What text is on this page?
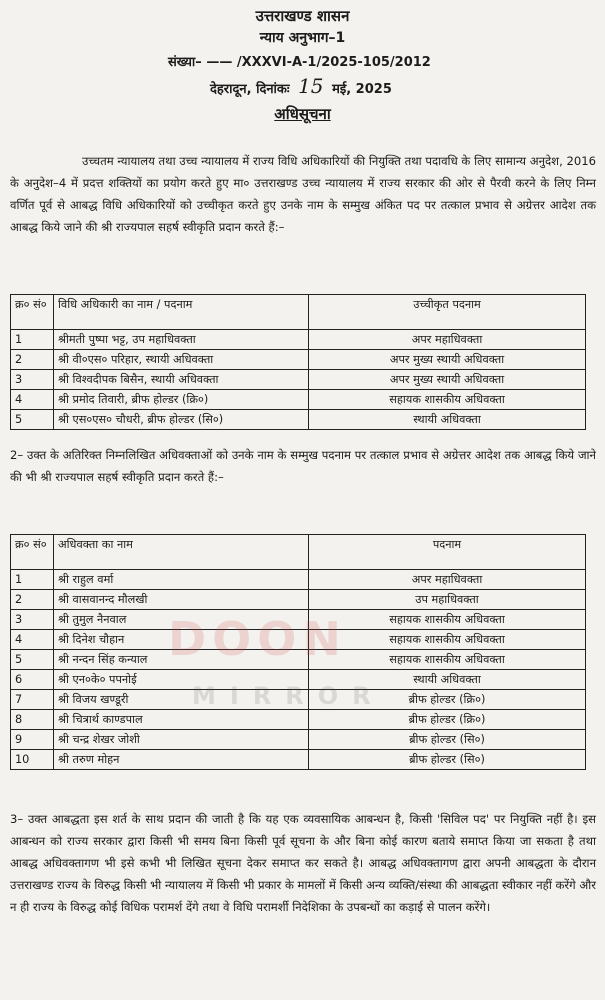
उत्तराखण्ड शासन
न्याय अनुभाग–1
संख्या– —— /XXXVI-A-1/2025-105/2012
देहरादून, दिनांकः 15 मई, 2025
अधिसूचना
उच्चतम न्यायालय तथा उच्च न्यायालय में राज्य विधि अधिकारियों की नियुक्ति तथा पदावधि के लिए सामान्य अनुदेश, 2016 के अनुदेश–4 में प्रदत्त शक्तियों का प्रयोग करते हुए मा० उत्तराखण्ड उच्च न्यायालय में राज्य सरकार की ओर से पैरवी करने के लिए निम्न वर्णित पूर्व से आबद्ध विधि अधिकारियों को उच्चीकृत करते हुए उनके नाम के सम्मुख अंकित पद पर तत्काल प्रभाव से अग्रेत्तर आदेश तक आबद्ध किये जाने की श्री राज्यपाल सहर्ष स्वीकृति प्रदान करते हैं:–
क्र० सं०	विधि अधिकारी का नाम / पदनाम	उच्चीकृत पदनाम
1	श्रीमती पुष्पा भट्ट, उप महाधिवक्ता	अपर महाधिवक्ता
2	श्री वी०एस० परिहार, स्थायी अधिवक्ता	अपर मुख्य स्थायी अधिवक्ता
3	श्री विश्वदीपक बिसैन, स्थायी अधिवक्ता	अपर मुख्य स्थायी अधिवक्ता
4	श्री प्रमोद तिवारी, ब्रीफ होल्डर (क्रि०)	सहायक शासकीय अधिवक्ता
5	श्री एस०एस० चौधरी, ब्रीफ होल्डर (सि०)	स्थायी अधिवक्ता
2– उक्त के अतिरिक्त निम्नलिखित अधिवक्ताओं को उनके नाम के सम्मुख पदनाम पर तत्काल प्रभाव से अग्रेत्तर आदेश तक आबद्ध किये जाने की भी श्री राज्यपाल सहर्ष स्वीकृति प्रदान करते हैं:–
क्र० सं०	अधिवक्ता का नाम	पदनाम
1	श्री राहुल वर्मा	अपर महाधिवक्ता
2	श्री वासवानन्द मौलखी	उप महाधिवक्ता
3	श्री तुमुल नैनवाल	सहायक शासकीय अधिवक्ता
4	श्री दिनेश चौहान	सहायक शासकीय अधिवक्ता
5	श्री नन्दन सिंह कन्याल	सहायक शासकीय अधिवक्ता
6	श्री एन०के० पपनोई	स्थायी अधिवक्ता
7	श्री विजय खण्डूरी	ब्रीफ होल्डर (क्रि०)
8	श्री चित्रार्थ काण्डपाल	ब्रीफ होल्डर (क्रि०)
9	श्री चन्द्र शेखर जोशी	ब्रीफ होल्डर (सि०)
10	श्री तरुण मोहन	ब्रीफ होल्डर (सि०)
DOON
MIRROR
3– उक्त आबद्धता इस शर्त के साथ प्रदान की जाती है कि यह एक व्यवसायिक आबन्धन है, किसी 'सिविल पद' पर नियुक्ति नहीं है। इस आबन्धन को राज्य सरकार द्वारा किसी भी समय बिना किसी पूर्व सूचना के और बिना कोई कारण बताये समाप्त किया जा सकता है तथा आबद्ध अधिवक्तागण भी इसे कभी भी लिखित सूचना देकर समाप्त कर सकते है। आबद्ध अधिवक्तागण द्वारा अपनी आबद्धता के दौरान उत्तराखण्ड राज्य के विरुद्ध किसी भी न्यायालय में किसी भी प्रकार के मामलों में किसी अन्य व्यक्ति/संस्था की आबद्धता स्वीकार नहीं करेंगे और न ही राज्य के विरुद्ध कोई विधिक परामर्श देंगे तथा वे विधि परामर्शी निदेशिका के उपबन्धों का कड़ाई से पालन करेंगे।
